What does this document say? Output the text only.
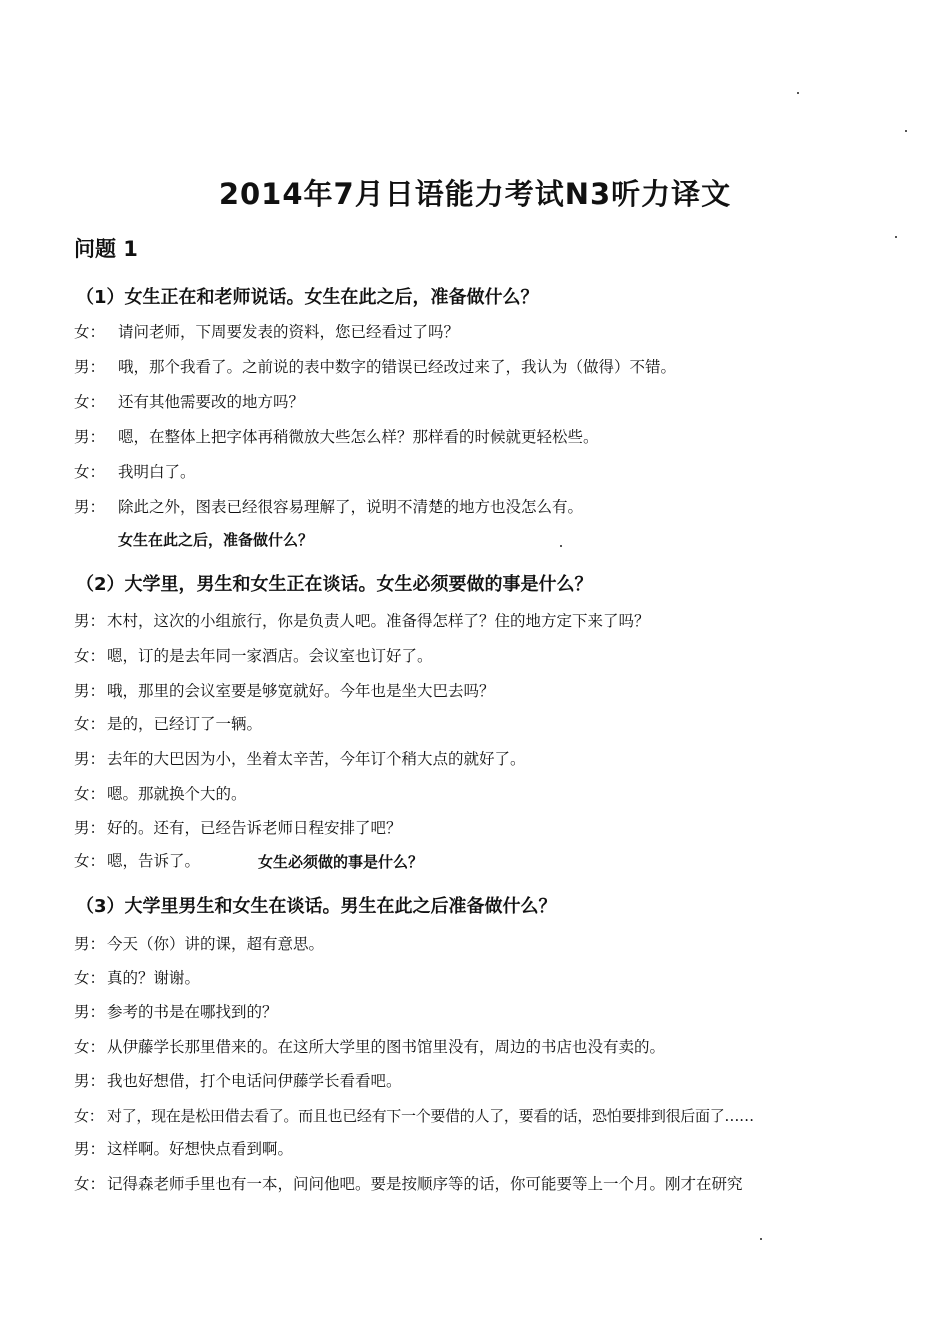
2014年7月日语能力考试N3听力译文
问题 1
（1）女生正在和老师说话。女生在此之后，准备做什么？
女： 请问老师，下周要发表的资料，您已经看过了吗？
男： 哦，那个我看了。之前说的表中数字的错误已经改过来了，我认为（做得）不错。
女： 还有其他需要改的地方吗？
男： 嗯，在整体上把字体再稍微放大些怎么样？那样看的时候就更轻松些。
女： 我明白了。
男： 除此之外，图表已经很容易理解了，说明不清楚的地方也没怎么有。
女生在此之后，准备做什么？
（2）大学里，男生和女生正在谈话。女生必须要做的事是什么？
男： 木村，这次的小组旅行，你是负责人吧。准备得怎样了？住的地方定下来了吗？
女： 嗯，订的是去年同一家酒店。会议室也订好了。
男： 哦，那里的会议室要是够宽就好。今年也是坐大巴去吗？
女： 是的，已经订了一辆。
男： 去年的大巴因为小，坐着太辛苦，今年订个稍大点的就好了。
女： 嗯。那就换个大的。
男： 好的。还有，已经告诉老师日程安排了吧？
女： 嗯，告诉了。	女生必须做的事是什么？
（3）大学里男生和女生在谈话。男生在此之后准备做什么？
男： 今天（你）讲的课，超有意思。
女： 真的？谢谢。
男： 参考的书是在哪找到的？
女： 从伊藤学长那里借来的。在这所大学里的图书馆里没有，周边的书店也没有卖的。
男： 我也好想借，打个电话问伊藤学长看看吧。
女： 对了，现在是松田借去看了。而且也已经有下一个要借的人了，要看的话，恐怕要排到很后面了……
男： 这样啊。好想快点看到啊。
女： 记得森老师手里也有一本，问问他吧。要是按顺序等的话，你可能要等上一个月。刚才在研究
